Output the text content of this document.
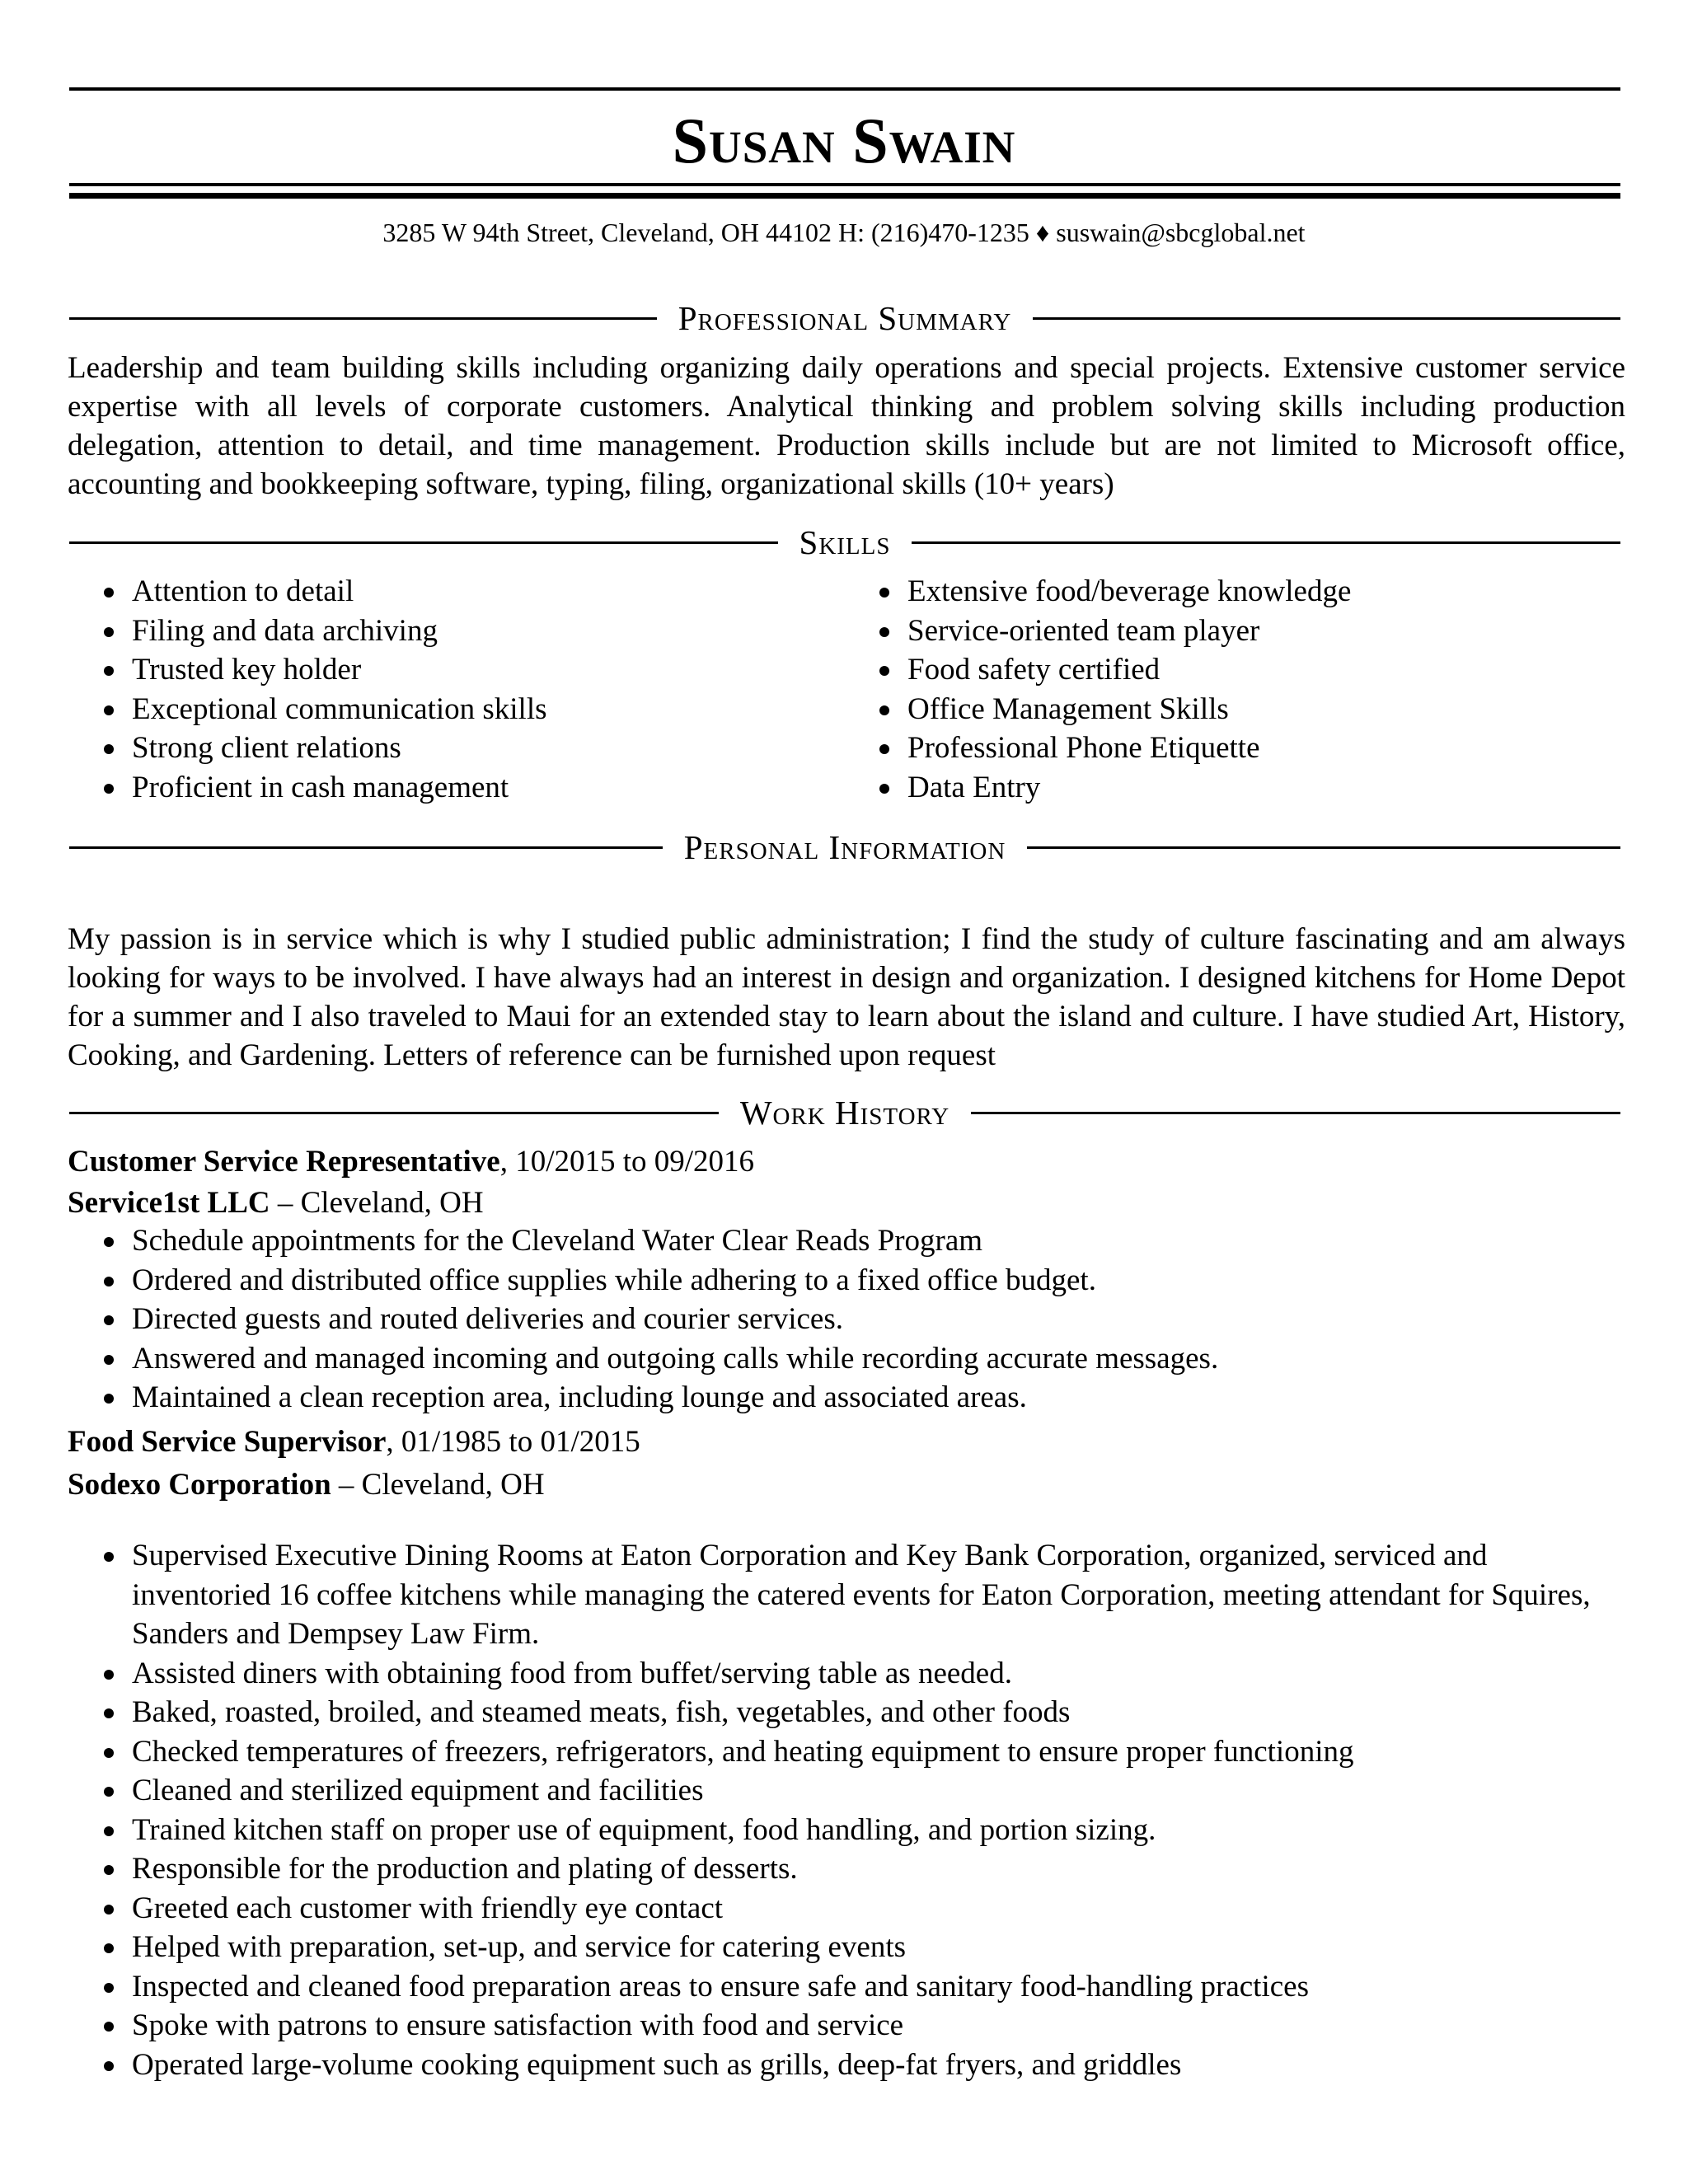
Susan Swain
3285 W 94th Street, Cleveland, OH 44102 H: (216)470-1235 ♦ suswain@sbcglobal.net
Professional Summary
Leadership and team building skills including organizing daily operations and special projects. Extensive customer service expertise with all levels of corporate customers. Analytical thinking and problem solving skills including production delegation, attention to detail, and time management. Production skills include but are not limited to Microsoft office, accounting and bookkeeping software, typing, filing, organizational skills (10+ years)
Skills
Attention to detail
Filing and data archiving
Trusted key holder
Exceptional communication skills
Strong client relations
Proficient in cash management
Extensive food/beverage knowledge
Service-oriented team player
Food safety certified
Office Management Skills
Professional Phone Etiquette
Data Entry
Personal Information
My passion is in service which is why I studied public administration; I find the study of culture fascinating and am always looking for ways to be involved. I have always had an interest in design and organization. I designed kitchens for Home Depot for a summer and I also traveled to Maui for an extended stay to learn about the island and culture. I have studied Art, History, Cooking, and Gardening. Letters of reference can be furnished upon request
Work History
Customer Service Representative, 10/2015 to 09/2016
Service1st LLC – Cleveland, OH
Schedule appointments for the Cleveland Water Clear Reads Program
Ordered and distributed office supplies while adhering to a fixed office budget.
Directed guests and routed deliveries and courier services.
Answered and managed incoming and outgoing calls while recording accurate messages.
Maintained a clean reception area, including lounge and associated areas.
Food Service Supervisor, 01/1985 to 01/2015
Sodexo Corporation – Cleveland, OH
Supervised Executive Dining Rooms at Eaton Corporation and Key Bank Corporation, organized, serviced and inventoried 16 coffee kitchens while managing the catered events for Eaton Corporation, meeting attendant for Squires, Sanders and Dempsey Law Firm.
Assisted diners with obtaining food from buffet/serving table as needed.
Baked, roasted, broiled, and steamed meats, fish, vegetables, and other foods
Checked temperatures of freezers, refrigerators, and heating equipment to ensure proper functioning
Cleaned and sterilized equipment and facilities
Trained kitchen staff on proper use of equipment, food handling, and portion sizing.
Responsible for the production and plating of desserts.
Greeted each customer with friendly eye contact
Helped with preparation, set-up, and service for catering events
Inspected and cleaned food preparation areas to ensure safe and sanitary food-handling practices
Spoke with patrons to ensure satisfaction with food and service
Operated large-volume cooking equipment such as grills, deep-fat fryers, and griddles
